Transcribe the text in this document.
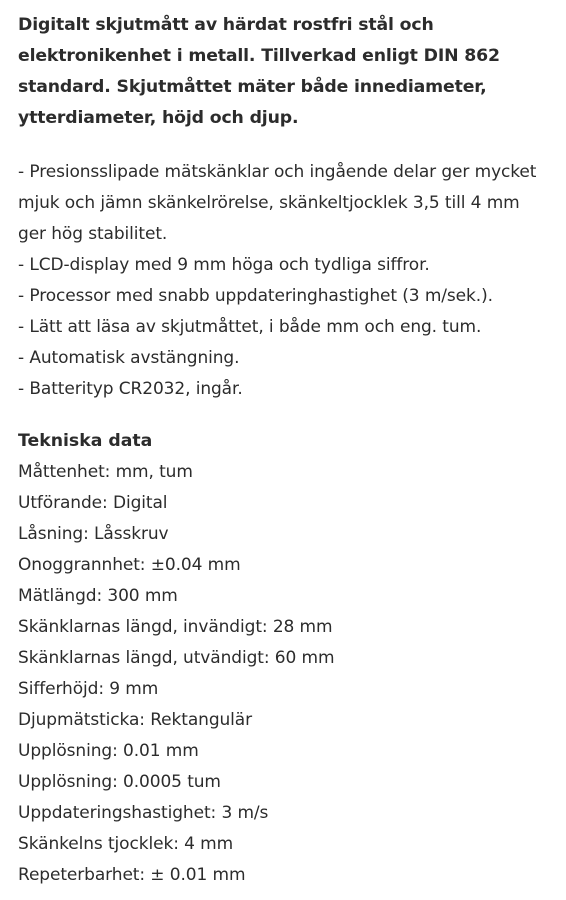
Digitalt skjutmått av härdat rostfri stål och elektronikenhet i metall. Tillverkad enligt DIN 862 standard. Skjutmåttet mäter både innediameter, ytterdiameter, höjd och djup.

- Presionsslipade mätskänklar och ingående delar ger mycket mjuk och jämn skänkelrörelse, skänkeltjocklek 3,5 till 4 mm ger hög stabilitet.
- LCD-display med 9 mm höga och tydliga siffror.
- Processor med snabb uppdateringhastighet (3 m/sek.).
- Lätt att läsa av skjutmåttet, i både mm och eng. tum.
- Automatisk avstängning.
- Batterityp CR2032, ingår.
Tekniska data
Måttenhet: mm, tum
Utförande: Digital
Låsning: Låsskruv
Onoggrannhet: ±0.04 mm
Mätlängd: 300 mm
Skänklarnas längd, invändigt: 28 mm
Skänklarnas längd, utvändigt: 60 mm
Sifferhöjd: 9 mm
Djupmätsticka: Rektangulär
Upplösning: 0.01 mm
Upplösning: 0.0005 tum
Uppdateringshastighet: 3 m/s
Skänkelns tjocklek: 4 mm
Repeterbarhet: ± 0.01 mm
